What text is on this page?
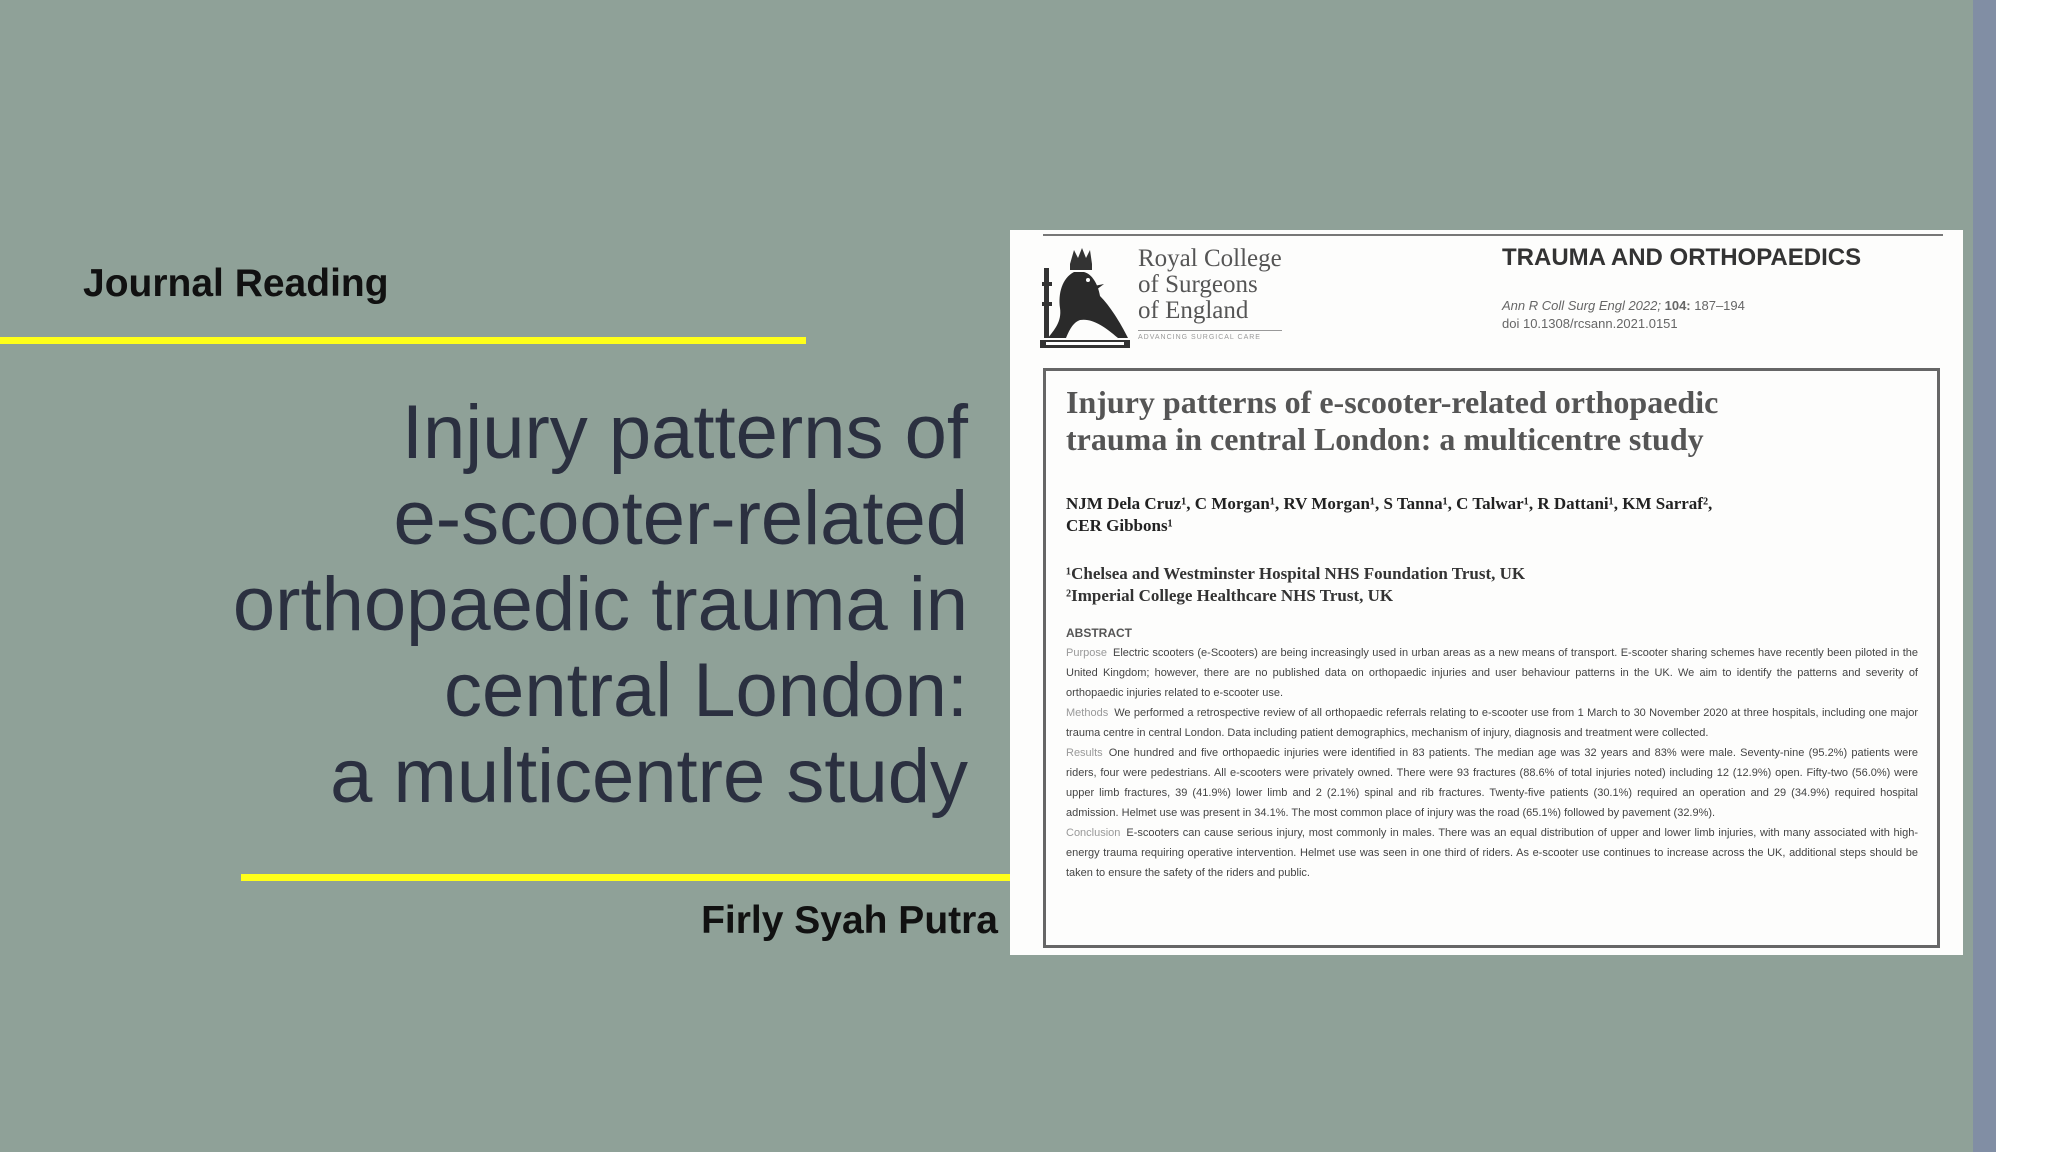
Journal Reading
Injury patterns of
e-scooter-related
orthopaedic trauma in
central London:
a multicentre study
Firly Syah Putra
Royal College
of Surgeons
of England
ADVANCING SURGICAL CARE
TRAUMA AND ORTHOPAEDICS
Ann R Coll Surg Engl 2022; 104: 187–194
doi 10.1308/rcsann.2021.0151
Injury patterns of e-scooter-related orthopaedic
trauma in central London: a multicentre study
NJM Dela Cruz¹, C Morgan¹, RV Morgan¹, S Tanna¹, C Talwar¹, R Dattani¹, KM Sarraf²,
CER Gibbons¹
¹Chelsea and Westminster Hospital NHS Foundation Trust, UK
²Imperial College Healthcare NHS Trust, UK
ABSTRACT

Purpose Electric scooters (e-Scooters) are being increasingly used in urban areas as a new means of transport. E-scooter sharing schemes have recently been piloted in the United Kingdom; however, there are no published data on orthopaedic injuries and user behaviour patterns in the UK. We aim to identify the patterns and severity of orthopaedic injuries related to e-scooter use.

Methods We performed a retrospective review of all orthopaedic referrals relating to e-scooter use from 1 March to 30 November 2020 at three hospitals, including one major trauma centre in central London. Data including patient demographics, mechanism of injury, diagnosis and treatment were collected.

Results One hundred and five orthopaedic injuries were identified in 83 patients. The median age was 32 years and 83% were male. Seventy-nine (95.2%) patients were riders, four were pedestrians. All e-scooters were privately owned. There were 93 fractures (88.6% of total injuries noted) including 12 (12.9%) open. Fifty-two (56.0%) were upper limb fractures, 39 (41.9%) lower limb and 2 (2.1%) spinal and rib fractures. Twenty-five patients (30.1%) required an operation and 29 (34.9%) required hospital admission. Helmet use was present in 34.1%. The most common place of injury was the road (65.1%) followed by pavement (32.9%).

Conclusion E-scooters can cause serious injury, most commonly in males. There was an equal distribution of upper and lower limb injuries, with many associated with high-energy trauma requiring operative intervention. Helmet use was seen in one third of riders. As e-scooter use continues to increase across the UK, additional steps should be taken to ensure the safety of the riders and public.
